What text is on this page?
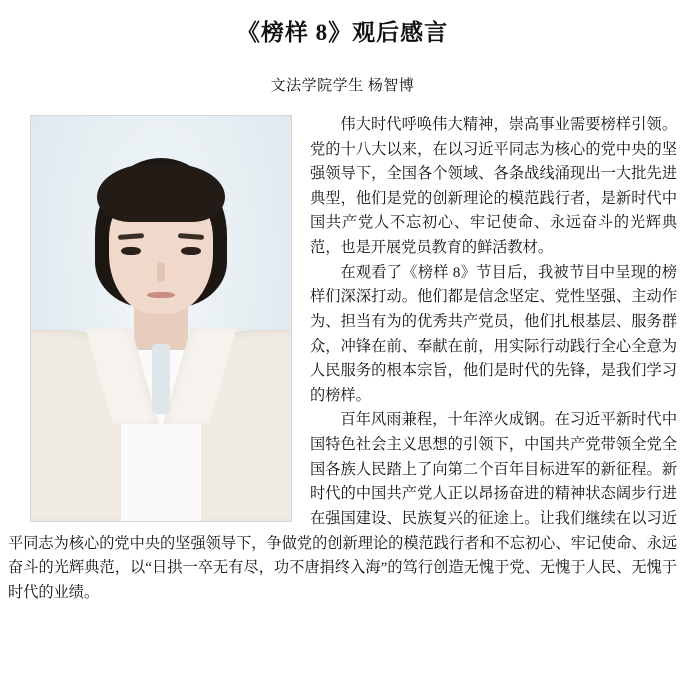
《榜样 8》观后感言
文法学院学生 杨智博

伟大时代呼唤伟大精神，崇高事业需要榜样引领。党的十八大以来，在以习近平同志为核心的党中央的坚强领导下，全国各个领域、各条战线涌现出一大批先进典型，他们是党的创新理论的模范践行者，是新时代中国共产党人不忘初心、牢记使命、永远奋斗的光辉典范，也是开展党员教育的鲜活教材。

在观看了《榜样 8》节目后，我被节目中呈现的榜样们深深打动。他们都是信念坚定、党性坚强、主动作为、担当有为的优秀共产党员，他们扎根基层、服务群众，冲锋在前、奉献在前，用实际行动践行全心全意为人民服务的根本宗旨，他们是时代的先锋，是我们学习的榜样。

百年风雨兼程，十年淬火成钢。在习近平新时代中国特色社会主义思想的引领下，中国共产党带领全党全国各族人民踏上了向第二个百年目标进军的新征程。新时代的中国共产党人正以昂扬奋进的精神状态阔步行进在强国建设、民族复兴的征途上。让我们继续在以习近平同志为核心的党中央的坚强领导下，争做党的创新理论的模范践行者和不忘初心、牢记使命、永远奋斗的光辉典范，以“日拱一卒无有尽，功不唐捐终入海”的笃行创造无愧于党、无愧于人民、无愧于时代的业绩。
